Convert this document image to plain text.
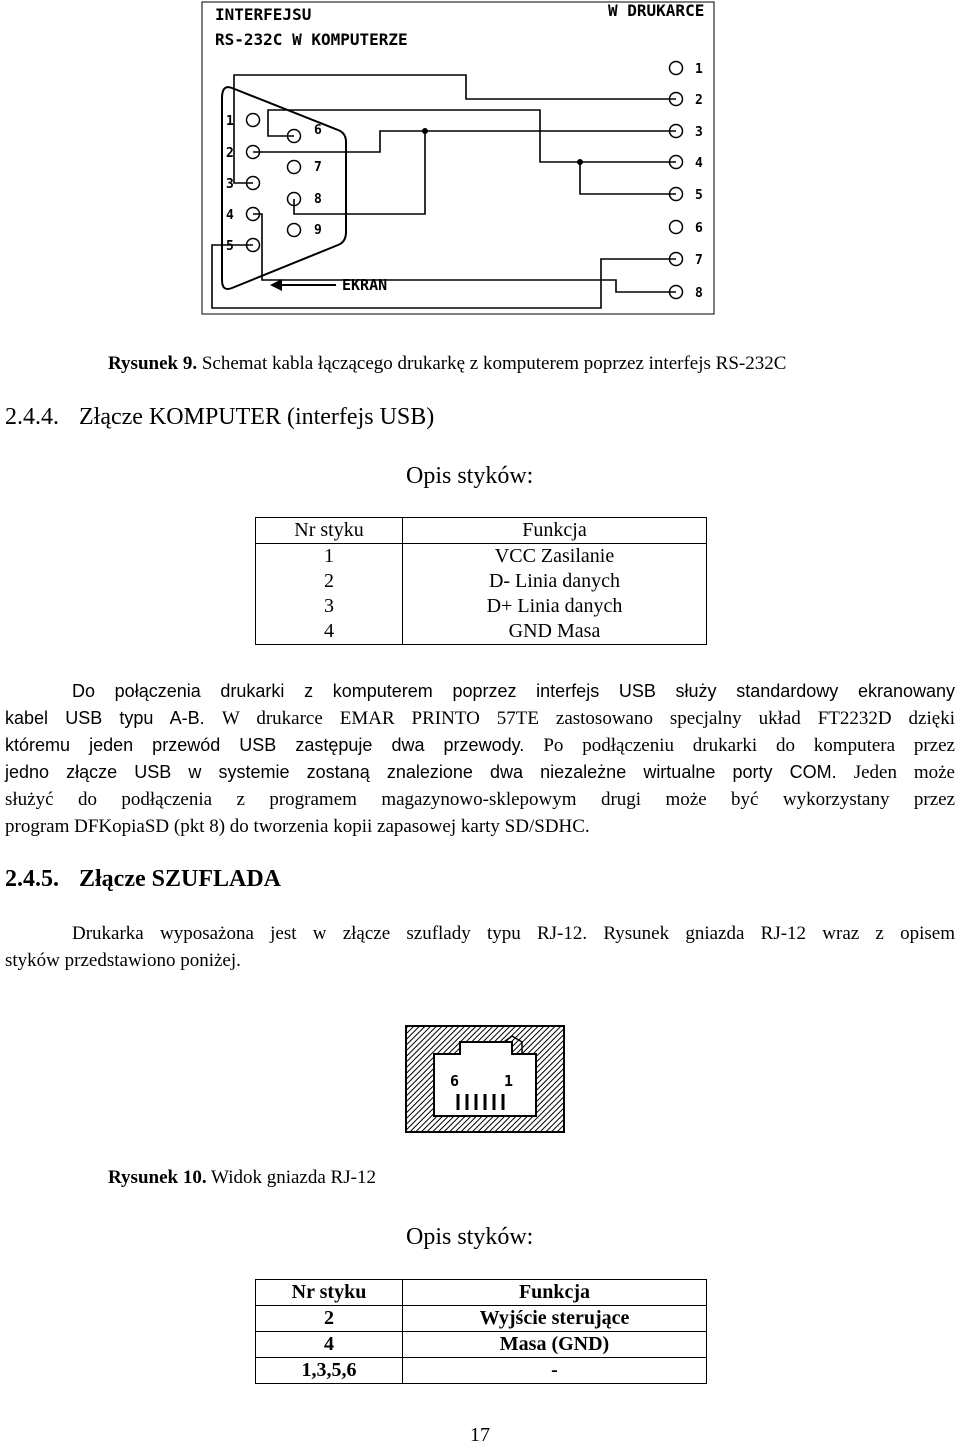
INTERFEJSU
RS-232C W KOMPUTERZE
W DRUKARCE
1
2
3
4
5
6
7
8
9
1
2
3
4
5
6
7
8
EKRAN
Rysunek 9. Schemat kabla łączącego drukarkę z komputerem poprzez interfejs RS-232C
2.4.4. Złącze KOMPUTER (interfejs USB)
Opis styków:
Nr styku	Funkcja
1	VCC Zasilanie
2	D- Linia danych
3	D+ Linia danych
4	GND Masa
Do połączenia drukarki z komputerem poprzez interfejs USB służy standardowy ekranowany
kabel USB typu A-B. W drukarce EMAR PRINTO 57TE zastosowano specjalny układ FT2232D dzięki
któremu jeden przewód USB zastępuje dwa przewody. Po podłączeniu drukarki do komputera przez
jedno złącze USB w systemie zostaną znalezione dwa niezależne wirtualne porty COM. Jeden może
służyć do podłączenia z programem magazynowo-sklepowym drugi może być wykorzystany przez
program DFKopiaSD (pkt 8) do tworzenia kopii zapasowej karty SD/SDHC.
2.4.5. Złącze SZUFLADA
Drukarka wyposażona jest w złącze szuflady typu RJ-12. Rysunek gniazda RJ-12 wraz z opisem
styków przedstawiono poniżej.
6	1
Rysunek 10. Widok gniazda RJ-12
Opis styków:
Nr styku	Funkcja
2	Wyjście sterujące
4	Masa (GND)
1,3,5,6	-
17
